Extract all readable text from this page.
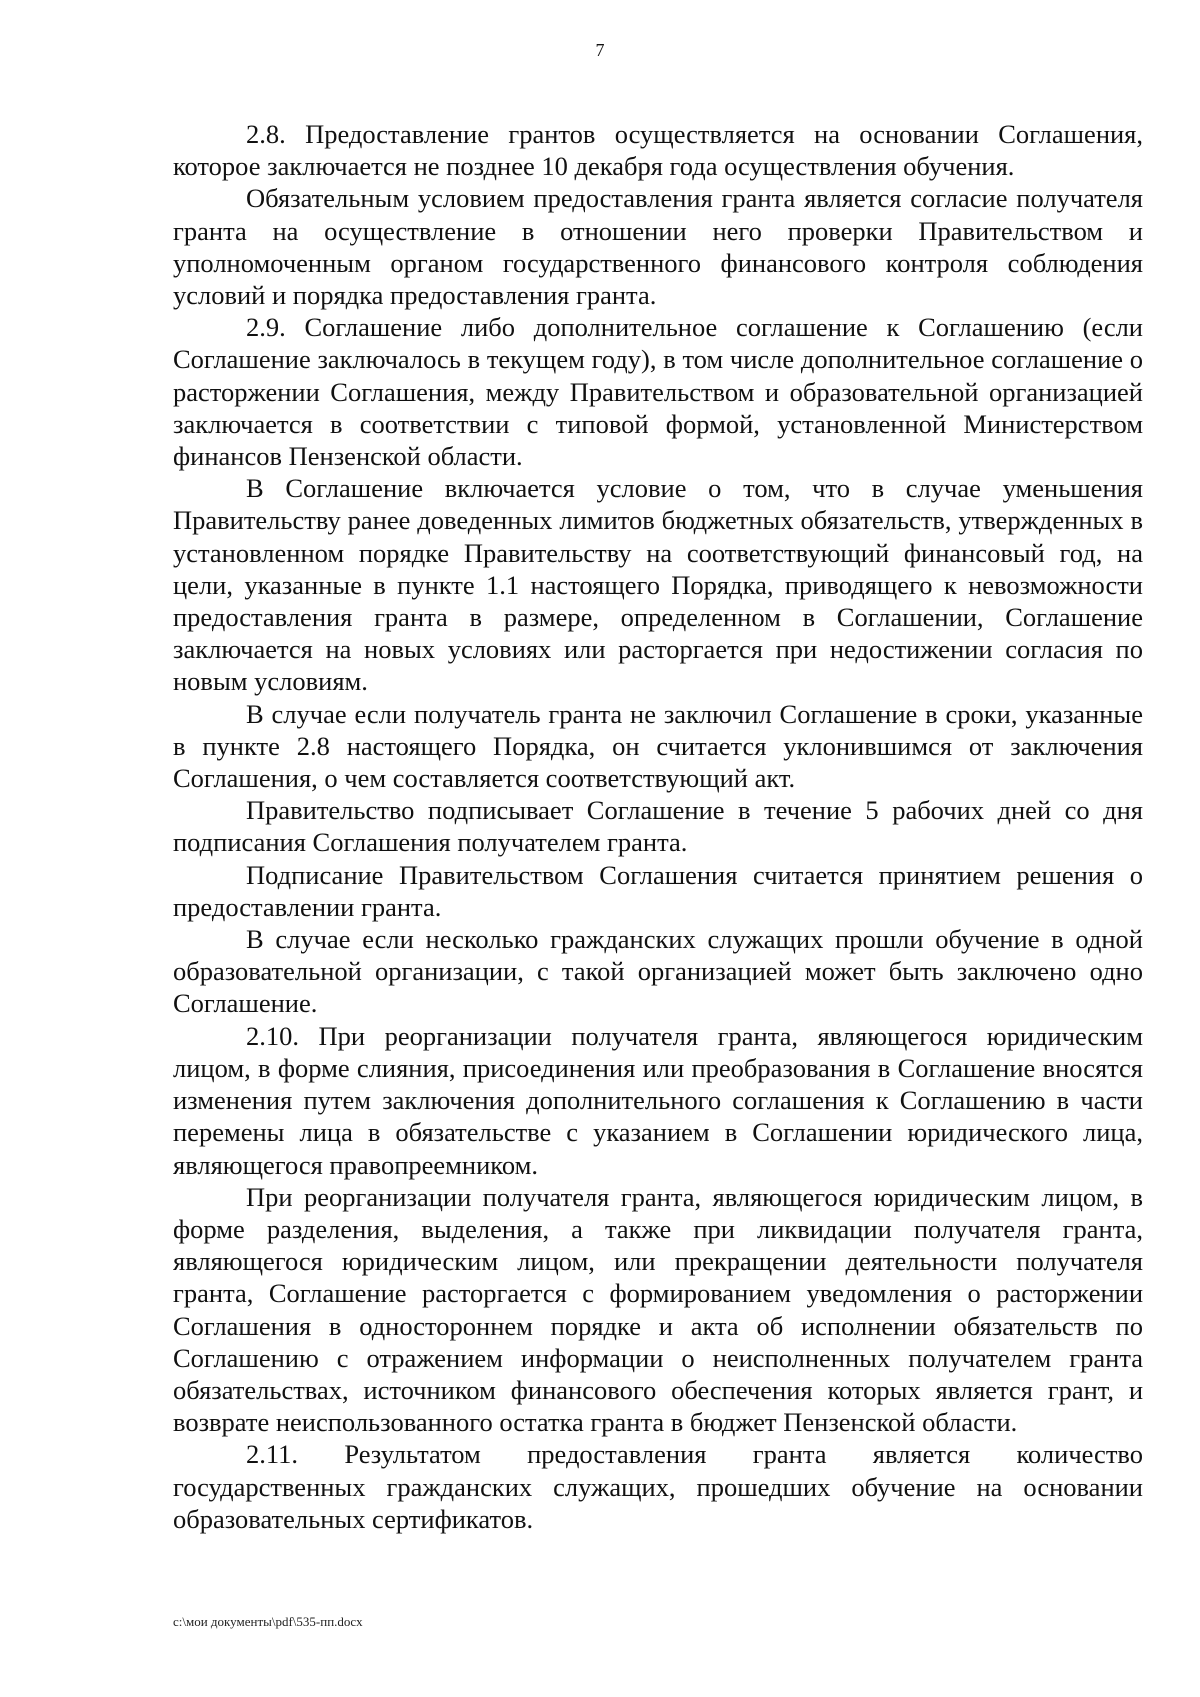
7

2.8. Предоставление грантов осуществляется на основании Соглашения, которое заключается не позднее 10 декабря года осуществления обучения.

Обязательным условием предоставления гранта является согласие получателя гранта на осуществление в отношении него проверки Правительством и уполномоченным органом государственного финансового контроля соблюдения условий и порядка предоставления гранта.

2.9. Соглашение либо дополнительное соглашение к Соглашению (если Соглашение заключалось в текущем году), в том числе дополнительное соглашение о расторжении Соглашения, между Правительством и образовательной организацией заключается в соответствии с типовой формой, установленной Министерством финансов Пензенской области.

В Соглашение включается условие о том, что в случае уменьшения Правительству ранее доведенных лимитов бюджетных обязательств, утвержденных в установленном порядке Правительству на соответствующий финансовый год, на цели, указанные в пункте 1.1 настоящего Порядка, приводящего к невозможности предоставления гранта в размере, определенном в Соглашении, Соглашение заключается на новых условиях или расторгается при недостижении согласия по новым условиям.

В случае если получатель гранта не заключил Соглашение в сроки, указанные в пункте 2.8 настоящего Порядка, он считается уклонившимся от заключения Соглашения, о чем составляется соответствующий акт.

Правительство подписывает Соглашение в течение 5 рабочих дней со дня подписания Соглашения получателем гранта.

Подписание Правительством Соглашения считается принятием решения о предоставлении гранта.

В случае если несколько гражданских служащих прошли обучение в одной образовательной организации, с такой организацией может быть заключено одно Соглашение.

2.10. При реорганизации получателя гранта, являющегося юридическим лицом, в форме слияния, присоединения или преобразования в Соглашение вносятся изменения путем заключения дополнительного соглашения к Соглашению в части перемены лица в обязательстве с указанием в Соглашении юридического лица, являющегося правопреемником.

При реорганизации получателя гранта, являющегося юридическим лицом, в форме разделения, выделения, а также при ликвидации получателя гранта, являющегося юридическим лицом, или прекращении деятельности получателя гранта, Соглашение расторгается с формированием уведомления о расторжении Соглашения в одностороннем порядке и акта об исполнении обязательств по Соглашению с отражением информации о неисполненных получателем гранта обязательствах, источником финансового обеспечения которых является грант, и возврате неиспользованного остатка гранта в бюджет Пензенской области.

2.11. Результатом предоставления гранта является количество государственных гражданских служащих, прошедших обучение на основании образовательных сертификатов.

c:\мои документы\pdf\535-пп.docx
